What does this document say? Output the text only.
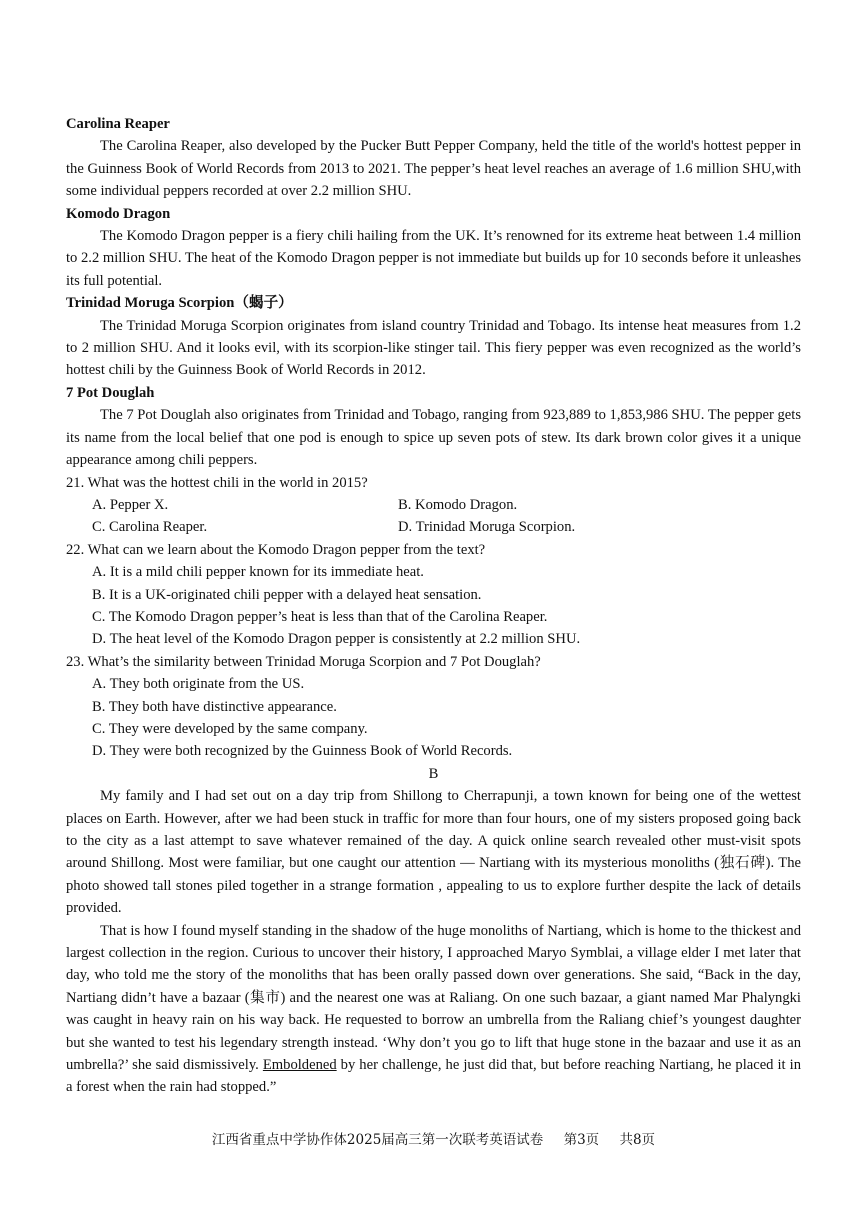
Carolina Reaper
The Carolina Reaper, also developed by the Pucker Butt Pepper Company, held the title of the world's hottest pepper in the Guinness Book of World Records from 2013 to 2021. The pepper’s heat level reaches an average of 1.6 million SHU,with some individual peppers recorded at over 2.2 million SHU.
Komodo Dragon
The Komodo Dragon pepper is a fiery chili hailing from the UK. It’s renowned for its extreme heat between 1.4 million to 2.2 million SHU. The heat of the Komodo Dragon pepper is not immediate but builds up for 10 seconds before it unleashes its full potential.
Trinidad Moruga Scorpion（蝎子）
The Trinidad Moruga Scorpion originates from island country Trinidad and Tobago. Its intense heat measures from 1.2 to 2 million SHU. And it looks evil, with its scorpion-like stinger tail. This fiery pepper was even recognized as the world’s hottest chili by the Guinness Book of World Records in 2012.
7 Pot Douglah
The 7 Pot Douglah also originates from Trinidad and Tobago, ranging from 923,889 to 1,853,986 SHU. The pepper gets its name from the local belief that one pod is enough to spice up seven pots of stew. Its dark brown color gives it a unique appearance among chili peppers.
21. What was the hottest chili in the world in 2015?
A. Pepper X.	B. Komodo Dragon.
C. Carolina Reaper.	D. Trinidad Moruga Scorpion.
22. What can we learn about the Komodo Dragon pepper from the text?
A. It is a mild chili pepper known for its immediate heat.
B. It is a UK-originated chili pepper with a delayed heat sensation.
C. The Komodo Dragon pepper’s heat is less than that of the Carolina Reaper.
D. The heat level of the Komodo Dragon pepper is consistently at 2.2 million SHU.
23. What’s the similarity between Trinidad Moruga Scorpion and 7 Pot Douglah?
A. They both originate from the US.
B. They both have distinctive appearance.
C. They were developed by the same company.
D. They were both recognized by the Guinness Book of World Records.
B
My family and I had set out on a day trip from Shillong to Cherrapunji, a town known for being one of the wettest places on Earth. However, after we had been stuck in traffic for more than four hours, one of my sisters proposed going back to the city as a last attempt to save whatever remained of the day. A quick online search revealed other must-visit spots around Shillong. Most were familiar, but one caught our attention — Nartiang with its mysterious monoliths (独石碑). The photo showed tall stones piled together in a strange formation , appealing to us to explore further despite the lack of details provided.
That is how I found myself standing in the shadow of the huge monoliths of Nartiang, which is home to the thickest and largest collection in the region. Curious to uncover their history, I approached Maryo Symblai, a village elder I met later that day, who told me the story of the monoliths that has been orally passed down over generations. She said, “Back in the day, Nartiang didn’t have a bazaar (集市) and the nearest one was at Raliang. On one such bazaar, a giant named Mar Phalyngki was caught in heavy rain on his way back. He requested to borrow an umbrella from the Raliang chief’s youngest daughter but she wanted to test his legendary strength instead. ‘Why don’t you go to lift that huge stone in the bazaar and use it as an umbrella?’ she said dismissively. Emboldened by her challenge, he just did that, but before reaching Nartiang, he placed it in a forest when the rain had stopped.”
江西省重点中学协作体2025届高三第一次联考英语试卷 第3页 共8页
